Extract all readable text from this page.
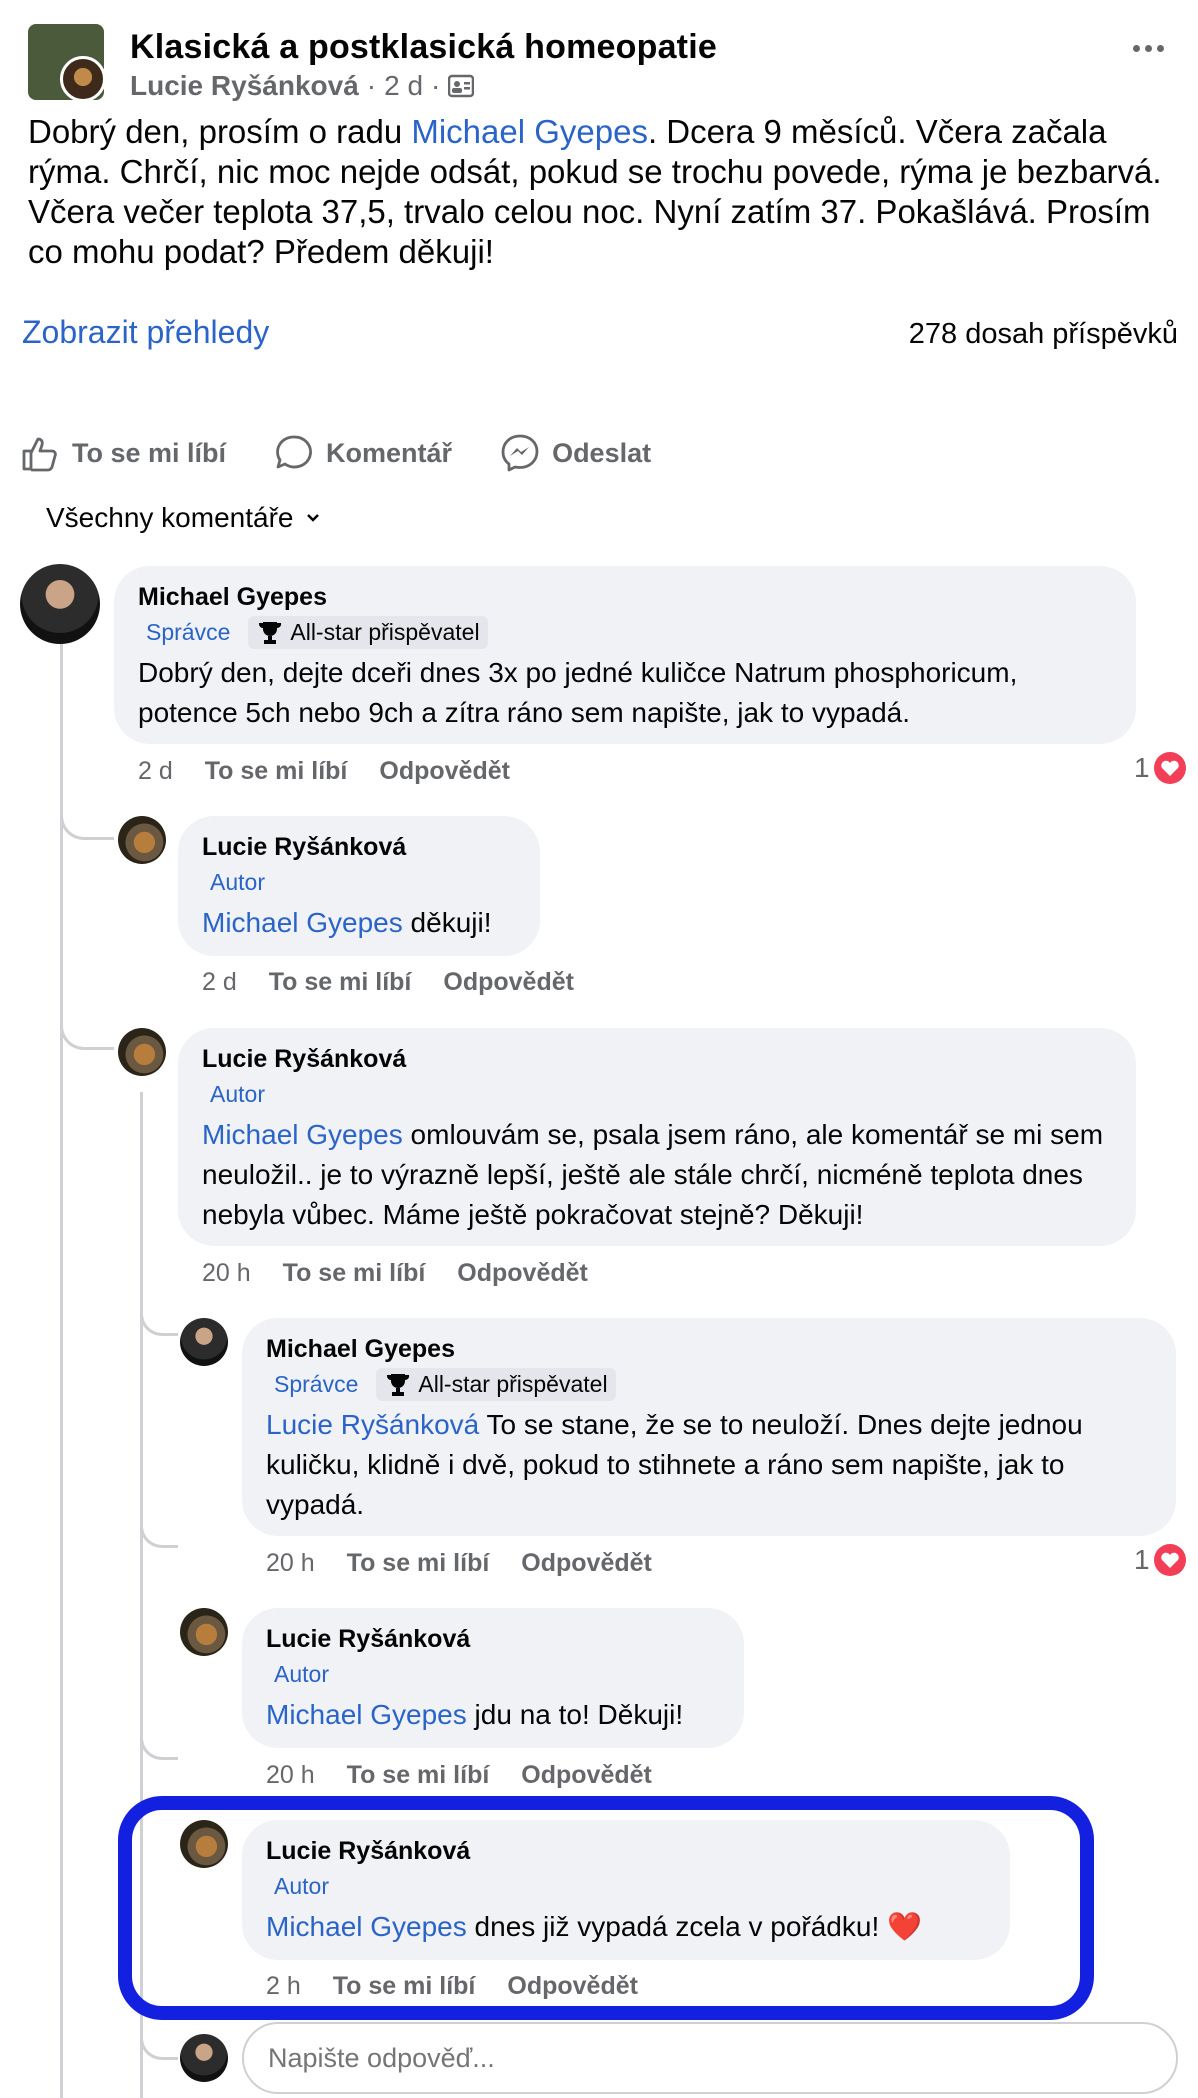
Klasická a postklasická homeopatie
Lucie Ryšánková · 2 d ·
Dobrý den, prosím o radu Michael Gyepes. Dcera 9 měsíců. Včera začala rýma. Chrčí, nic moc nejde odsát, pokud se trochu povede, rýma je bezbarvá. Včera večer teplota 37,5, trvalo celou noc. Nyní zatím 37. Pokašlává. Prosím co mohu podat? Předem děkuji!
Zobrazit přehledy	278 dosah příspěvků
To se mi líbí	Komentář	Odeslat
Všechny komentáře
Michael Gyepes
Správce	All-star přispěvatel
Dobrý den, dejte dceři dnes 3x po jedné kuličce Natrum phosphoricum, potence 5ch nebo 9ch a zítra ráno sem napište, jak to vypadá.
2 d To se mi líbí Odpovědět	1
Lucie Ryšánková
Autor
Michael Gyepes děkuji!
2 d To se mi líbí Odpovědět
Lucie Ryšánková
Autor
Michael Gyepes omlouvám se, psala jsem ráno, ale komentář se mi sem neuložil.. je to výrazně lepší, ještě ale stále chrčí, nicméně teplota dnes nebyla vůbec. Máme ještě pokračovat stejně? Děkuji!
20 h To se mi líbí Odpovědět
Michael Gyepes
Správce	All-star přispěvatel
Lucie Ryšánková To se stane, že se to neuloží. Dnes dejte jednou kuličku, klidně i dvě, pokud to stihnete a ráno sem napište, jak to vypadá.
20 h To se mi líbí Odpovědět	1
Lucie Ryšánková
Autor
Michael Gyepes jdu na to! Děkuji!
20 h To se mi líbí Odpovědět
Lucie Ryšánková
Autor
Michael Gyepes dnes již vypadá zcela v pořádku! ❤️
2 h To se mi líbí Odpovědět
Napište odpověď...
